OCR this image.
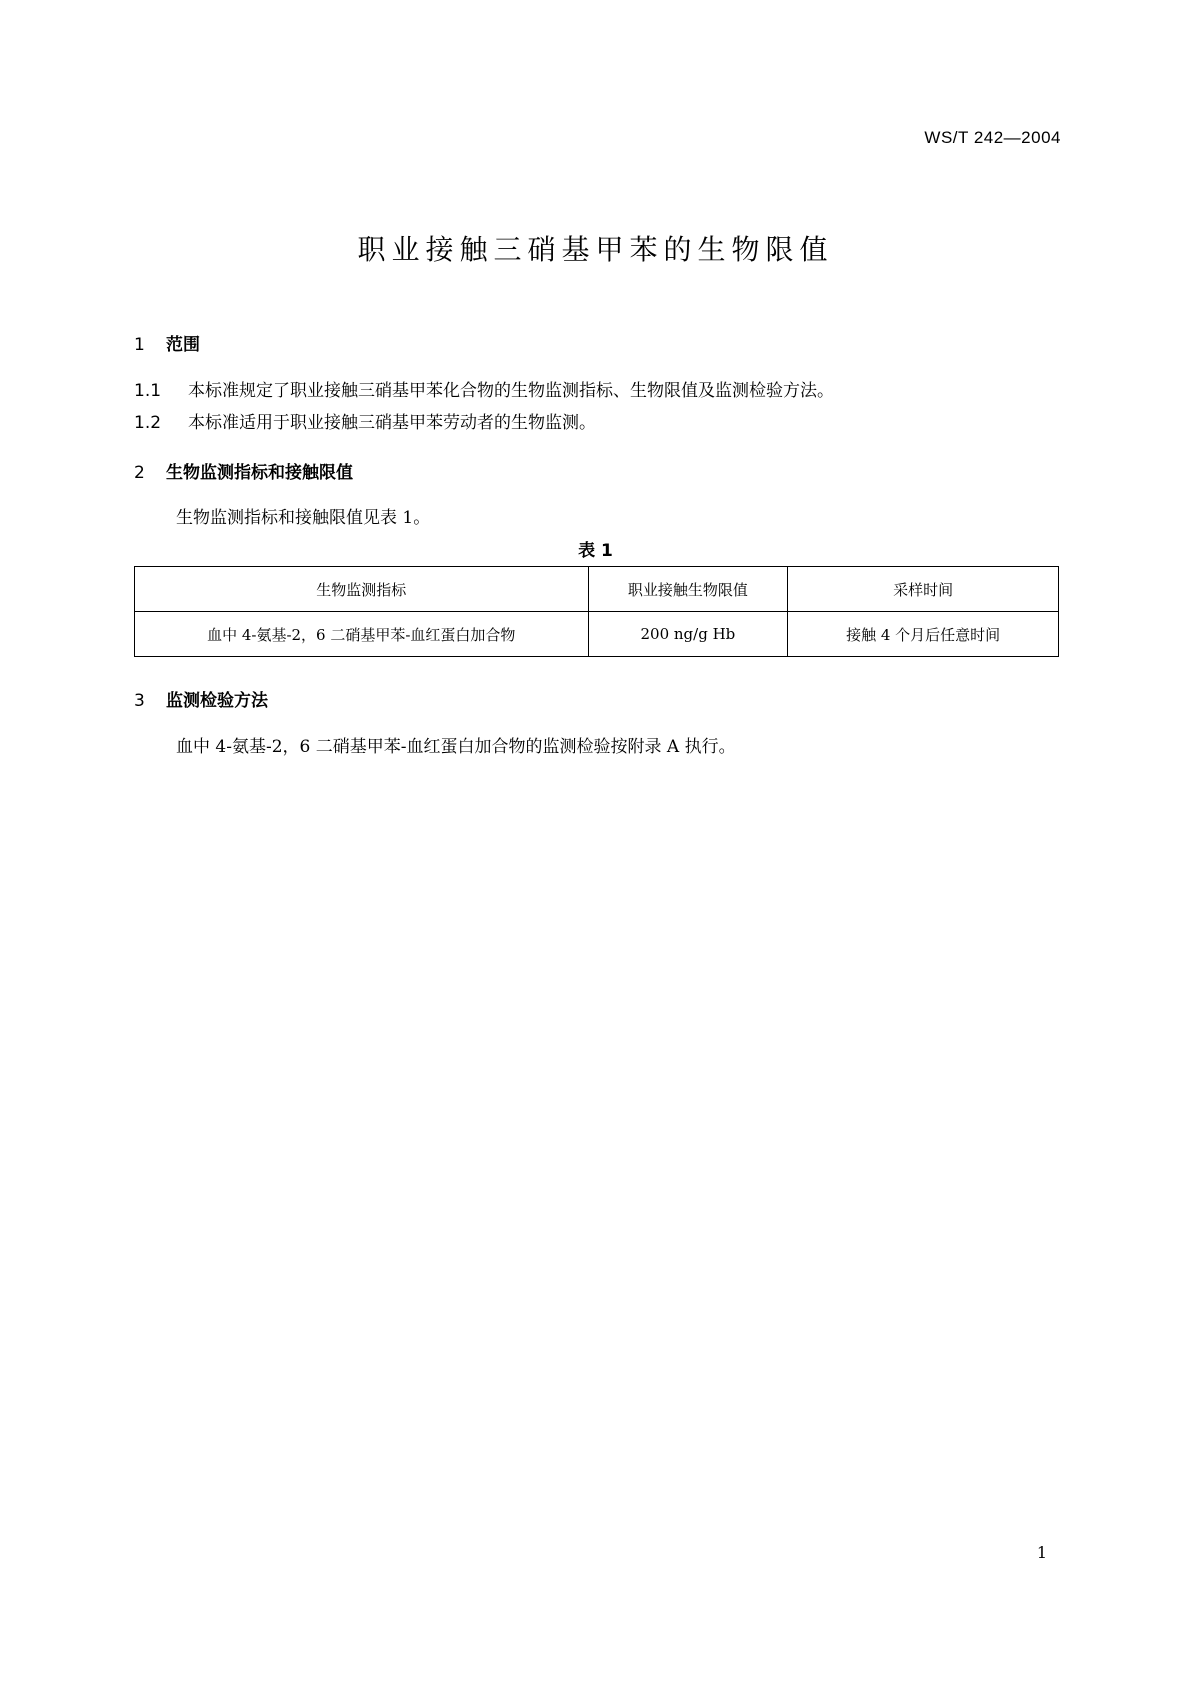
WS/T 242—2004
职业接触三硝基甲苯的生物限值
1 范围
1.1 本标准规定了职业接触三硝基甲苯化合物的生物监测指标、生物限值及监测检验方法。
1.2 本标准适用于职业接触三硝基甲苯劳动者的生物监测。
2 生物监测指标和接触限值
生物监测指标和接触限值见表 1。
表 1
生物监测指标	职业接触生物限值	采样时间
血中 4-氨基-2，6 二硝基甲苯-血红蛋白加合物	200 ng/g Hb	接触 4 个月后任意时间
3 监测检验方法
血中 4-氨基-2，6 二硝基甲苯-血红蛋白加合物的监测检验按附录 A 执行。
1
